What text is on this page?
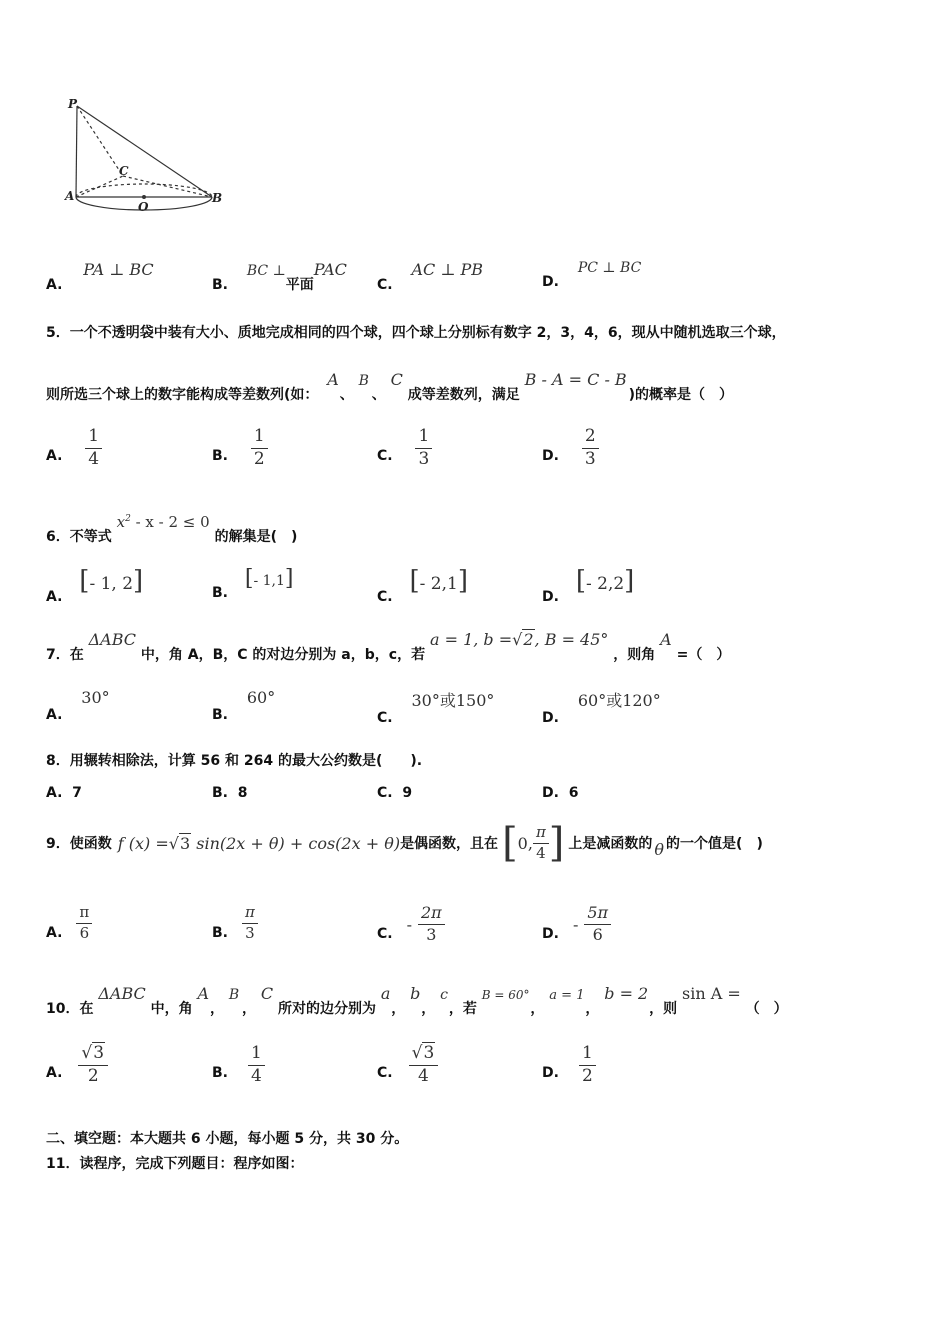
P
C
A
O
B
A. PA ⊥ BC
B. BC ⊥平面PAC
C. AC ⊥ PB
D. PC ⊥ BC
5．一个不透明袋中装有大小、质地完成相同的四个球，四个球上分别标有数字 2，3，4，6，现从中随机选取三个球，
则所选三个球上的数字能构成等差数列(如： A 、 B 、 C 成等差数列，满足 B - A = C - B )的概率是（　）
A. $\frac{1}{4}$	B. $\frac{1}{2}$	C. $\frac{1}{3}$	D. $\frac{2}{3}$
6．不等式 $x^2 - x - 2 \le 0$ 的解集是(　)
A. [- 1, 2]	B. [- 1,1]
C. [- 2,1]
D. [- 2,2]
7．在 ΔABC 中，角 A，B，C 的对边分别为 a，b，c，若 a = 1, b =√2, B = 45° ，则角 A =（　）
A. 30°
B. 60°
C. 30°或150°
D. 60°或120°
8．用辗转相除法，计算 56 和 264 的最大公约数是(　　).
A. 7	B. 8	C. 9	D. 6
9．使函数 f (x) =√3 sin(2x + θ) + cos(2x + θ) 是偶函数，且在 [ 0, $\frac{\pi}{4}$ ] 上是减函数的 θ 的一个值是(　)
A. $\frac{\pi}{6}$	B. $\frac{\pi}{3}$	C.
- $\frac{2\pi}{3}$	D.
- $\frac{5\pi}{6}$
10．在 ΔABC 中，角 A ， B ， C 所对的边分别为 a ， b ， c ，若 B = 60° ， a = 1 ， b = 2 ，则 sin A = （　）
A. $\frac{√3}{2}$	B. $\frac{1}{4}$	C. $\frac{√3}{4}$	D. $\frac{1}{2}$
二、填空题：本大题共 6 小题，每小题 5 分，共 30 分。
11．读程序，完成下列题目：程序如图：
